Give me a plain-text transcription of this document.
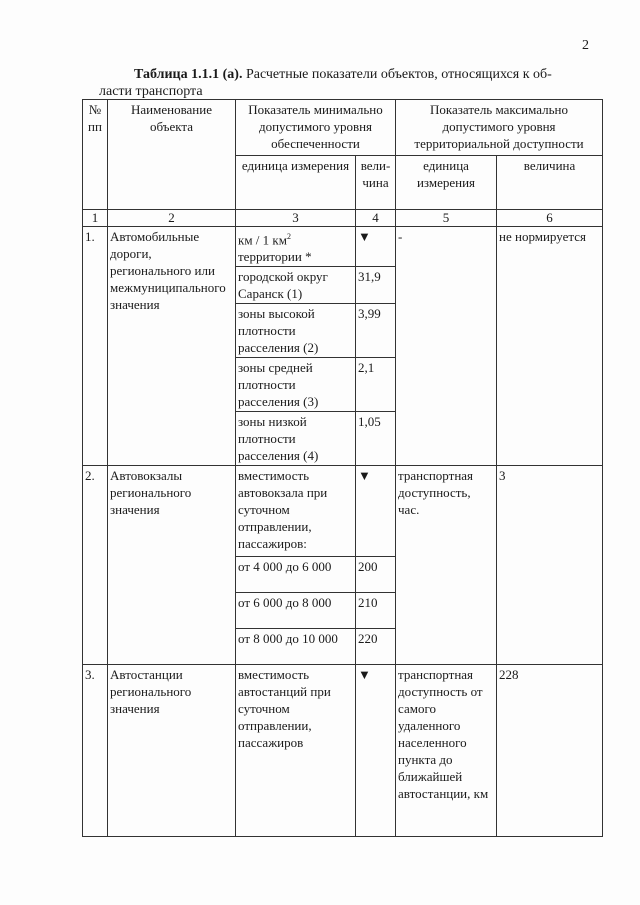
2
Таблица 1.1.1 (а). Расчетные показатели объектов, относящихся к об-
ласти транспорта
№ пп	Наименование объекта	Показатель минимально допустимого уровня обеспеченности		Показатель максимально допустимого уровня территориальной доступности	
		единица измерения	вели-чина	единица измерения	величина
1	2	3	4	5	6
1.	Автомобильные дороги, регионального или межмуниципального значения	км / 1 $км^2$ территории *	▼	-	не нормируется
		городской округ Саранск (1)	31,9		
		зоны высокой плотности расселения (2)	3,99		
		зоны средней плотности расселения (3)	2,1		
		зоны низкой плотности расселения (4)	1,05		
2.	Автовокзалы регионального значения	вместимость автовокзала при суточном отправлении, пассажиров:	▼	транспортная доступность, час.	3
		от 4 000 до 6 000	200		
		от 6 000 до 8 000	210		
		от 8 000 до 10 000	220		
3.	Автостанции регионального значения	вместимость автостанций при суточном отправлении, пассажиров	▼	транспортная доступность от самого удаленного населенного пункта до ближайшей автостанции, км	228
